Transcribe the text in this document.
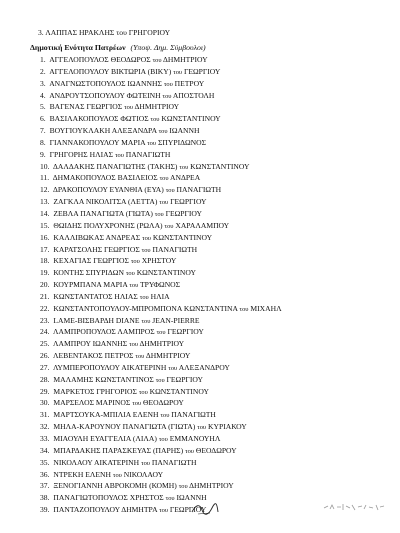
3. ΛΑΠΠΑΣ ΗΡΑΚΛΗΣ του ΓΡΗΓΟΡΙΟΥ
Δημοτική Ενότητα Πατρέων (Υποψ. Δημ. Σύμβουλοι)
1. ΑΓΓΕΛΟΠΟΥΛΟΣ ΘΕΟΔΩΡΟΣ του ΔΗΜΗΤΡΙΟΥ
2. ΑΓΓΕΛΟΠΟΥΛΟΥ ΒΙΚΤΩΡΙΑ (ΒΙΚΥ) του ΓΕΩΡΓΙΟΥ
3. ΑΝΑΓΝΩΣΤΟΠΟΥΛΟΣ ΙΩΑΝΝΗΣ του ΠΕΤΡΟΥ
4. ΑΝΔΡΟΥΤΣΟΠΟΥΛΟΥ ΦΩΤΕΙΝΗ του ΑΠΟΣΤΟΛΗ
5. ΒΑΓΕΝΑΣ ΓΕΩΡΓΙΟΣ του ΔΗΜΗΤΡΙΟΥ
6. ΒΑΣΙΛΑΚΟΠΟΥΛΟΣ ΦΩΤΙΟΣ του ΚΩΝΣΤΑΝΤΙΝΟΥ
7. ΒΟΥΓΙΟΥΚΛΑΚΗ ΑΛΕΞΑΝΔΡΑ του ΙΩΑΝΝΗ
8. ΓΙΑΝΝΑΚΟΠΟΥΛΟΥ ΜΑΡΙΑ του ΣΠΥΡΙΔΩΝΟΣ
9. ΓΡΗΓΟΡΗΣ ΗΛΙΑΣ του ΠΑΝΑΓΙΩΤΗ
10. ΔΑΛΔΑΚΗΣ ΠΑΝΑΓΙΩΤΗΣ (ΤΑΚΗΣ) του ΚΩΝΣΤΑΝΤΙΝΟΥ
11. ΔΗΜΑΚΟΠΟΥΛΟΣ ΒΑΣΙΛΕΙΟΣ του ΑΝΔΡΕΑ
12. ΔΡΑΚΟΠΟΥΛΟΥ ΕΥΑΝΘΙΑ (ΕΥΑ) του ΠΑΝΑΓΙΩΤΗ
13. ΖΑΓΚΛΑ ΝΙΚΟΛΙΤΣΑ (ΛΕΤΤΑ) του ΓΕΩΡΓΙΟΥ
14. ΖΕΒΛΑ ΠΑΝΑΓΙΩΤΑ (ΓΙΩΤΑ) του ΓΕΩΡΓΙΟΥ
15. ΘΩΙΔΗΣ ΠΟΛΥΧΡΟΝΗΣ (ΡΩΛΑ) του ΧΑΡΑΛΑΜΠΟΥ
16. ΚΑΛΛΙΒΩΚΑΣ ΑΝΔΡΕΑΣ του ΚΩΝΣΤΑΝΤΙΝΟΥ
17. ΚΑΡΑΤΣΟΛΗΣ ΓΕΩΡΓΙΟΣ του ΠΑΝΑΓΙΩΤΗ
18. ΚΕΧΑΓΙΑΣ ΓΕΩΡΓΙΟΣ του ΧΡΗΣΤΟΥ
19. ΚΟΝΤΗΣ ΣΠΥΡΙΔΩΝ του ΚΩΝΣΤΑΝΤΙΝΟΥ
20. ΚΟΥΡΜΠΑΝΑ ΜΑΡΙΑ του ΤΡΥΦΩΝΟΣ
21. ΚΩΝΣΤΑΝΤΑΤΟΣ ΗΛΙΑΣ του ΗΛΙΑ
22. ΚΩΝΣΤΑΝΤΟΠΟΥΛΟΥ-ΜΠΡΟΜΠΟΝΑ ΚΩΝΣΤΑΝΤΙΝΑ του ΜΙΧΑΗΛ
23. LAME-ΒΙΣΒΑΡΔΗ DIANE του JEAN-PIERRE
24. ΛΑΜΠΡΟΠΟΥΛΟΣ ΛΑΜΠΡΟΣ του ΓΕΩΡΓΙΟΥ
25. ΛΑΜΠΡΟΥ ΙΩΑΝΝΗΣ του ΔΗΜΗΤΡΙΟΥ
26. ΛΕΒΕΝΤΑΚΟΣ ΠΕΤΡΟΣ του ΔΗΜΗΤΡΙΟΥ
27. ΛΥΜΠΕΡΟΠΟΥΛΟΥ ΑΙΚΑΤΕΡΙΝΗ του ΑΛΕΞΑΝΔΡΟΥ
28. ΜΑΛΑΜΗΣ ΚΩΝΣΤΑΝΤΙΝΟΣ του ΓΕΩΡΓΙΟΥ
29. ΜΑΡΚΕΤΟΣ ΓΡΗΓΟΡΙΟΣ του ΚΩΝΣΤΑΝΤΙΝΟΥ
30. ΜΑΡΣΕΛΟΣ ΜΑΡΙΝΟΣ του ΘΕΟΔΩΡΟΥ
31. ΜΑΡΤΣΟΥΚΑ-ΜΠΙΛΙΑ ΕΛΕΝΗ του ΠΑΝΑΓΙΩΤΗ
32. ΜΗΛΑ-ΚΑΡΟΥΝΟΥ ΠΑΝΑΓΙΩΤΑ (ΓΙΩΤΑ) του ΚΥΡΙΑΚΟΥ
33. ΜΙΑΟΥΛΗ ΕΥΑΓΓΕΛΙΑ (ΛΙΛΑ) του ΕΜΜΑΝΟΥΗΛ
34. ΜΠΑΡΔΑΚΗΣ ΠΑΡΑΣΚΕΥΑΣ (ΠΑΡΗΣ) του ΘΕΟΔΩΡΟΥ
35. ΝΙΚΟΛΑΟΥ ΑΙΚΑΤΕΡΙΝΗ του ΠΑΝΑΓΙΩΤΗ
36. ΝΤΡΕΚΗ ΕΛΕΝΗ του ΝΙΚΟΛΑΟΥ
37. ΞΕΝΟΓΙΑΝΝΗ ΑΒΡΟΚΟΜΗ (ΚΟΜΗ) του ΔΗΜΗΤΡΙΟΥ
38. ΠΑΝΑΓΙΩΤΟΠΟΥΛΟΣ ΧΡΗΣΤΟΣ του ΙΩΑΝΝΗ
39. ΠΑΝΤΑΖΟΠΟΥΛΟΥ ΔΗΜΗΤΡΑ του ΓΕΩΡΓΙΟΥ
